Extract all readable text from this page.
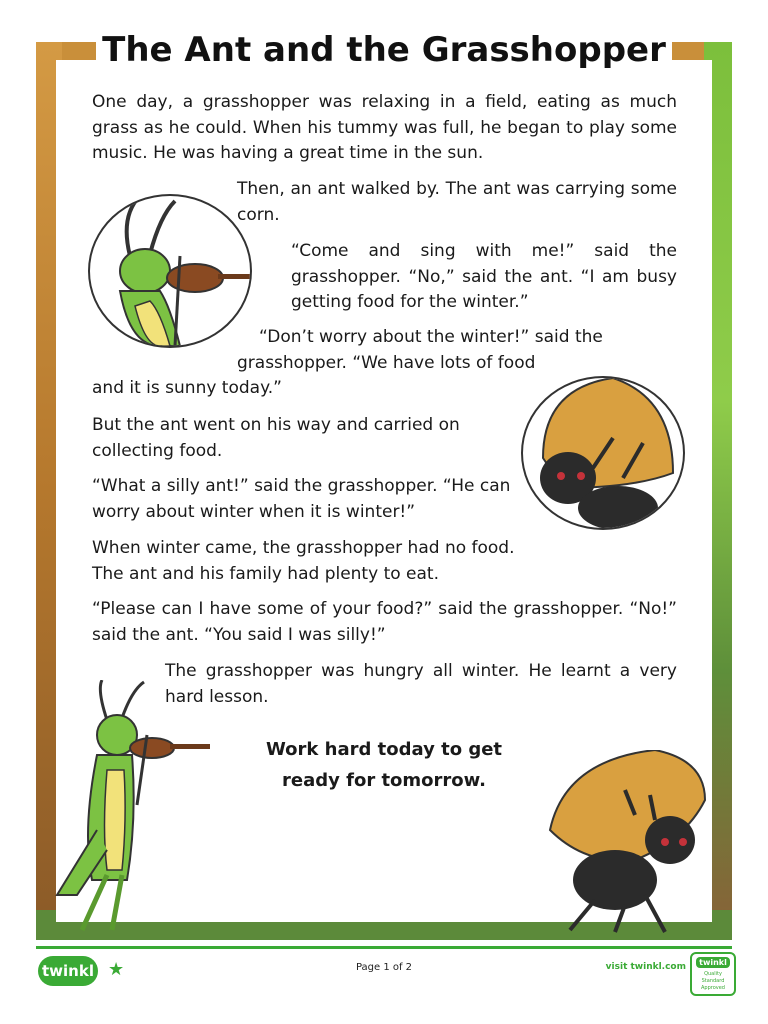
The Ant and the Grasshopper

One day, a grasshopper was relaxing in a field, eating as much grass as he could. When his tummy was full, he began to play some music. He was having a great time in the sun.

Then, an ant walked by. The ant was carrying some corn.

“Come and sing with me!” said the grasshopper. “No,” said the ant. “I am busy getting food for the winter.”

“Don’t worry about the winter!” said the

grasshopper. “We have lots of food

and it is sunny today.”

But the ant went on his way and carried on collecting food.

“What a silly ant!” said the grasshopper. “He can worry about winter when it is winter!”

When winter came, the grasshopper had no food.

The ant and his family had plenty to eat.

“Please can I have some of your food?” said the grasshopper. “No!” said the ant. “You said I was silly!”

The grasshopper was hungry all winter. He learnt a very hard lesson.

Work hard today to get
ready for tomorrow.
twinkl ★	Page 1 of 2	visit twinkl.com	twinkl
Quality Standard Approved
